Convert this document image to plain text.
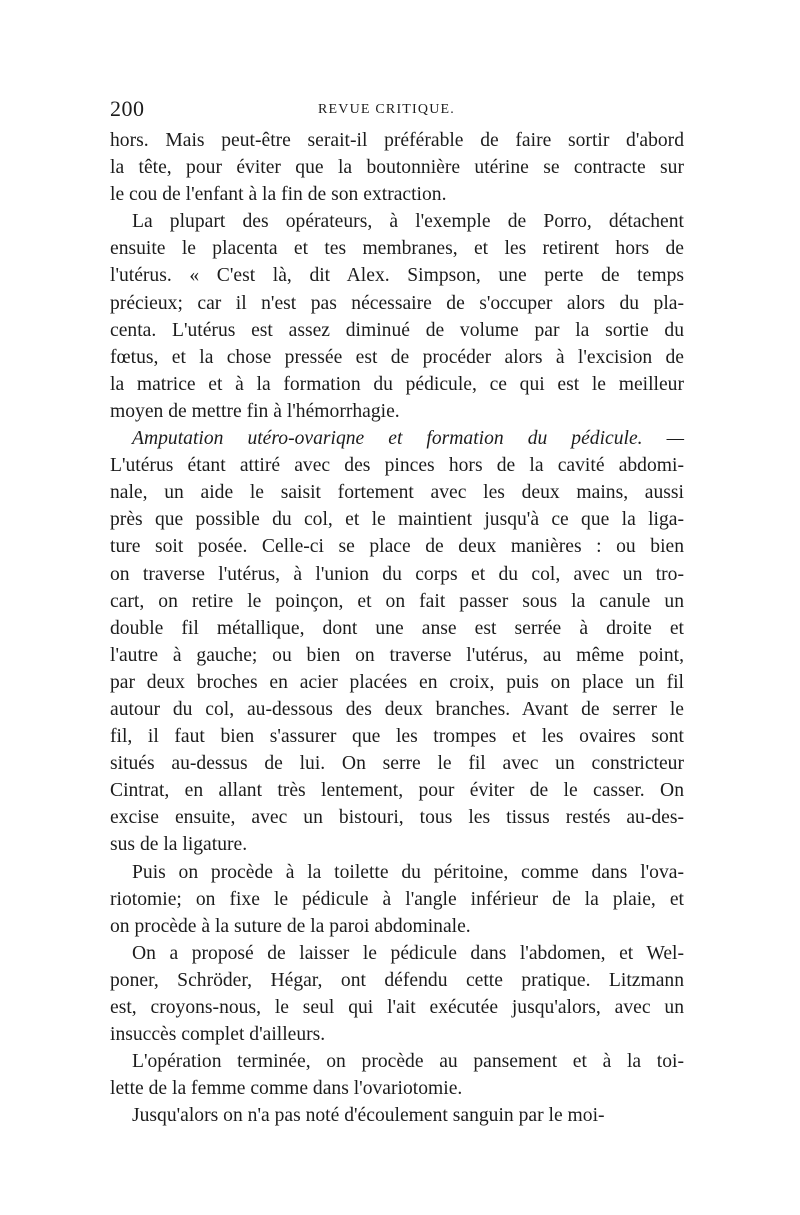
200	REVUE CRITIQUE.
hors. Mais peut-être serait-il préférable de faire sortir d'abord
la tête, pour éviter que la boutonnière utérine se contracte sur
le cou de l'enfant à la fin de son extraction.
La plupart des opérateurs, à l'exemple de Porro, détachent
ensuite le placenta et tes membranes, et les retirent hors de
l'utérus. « C'est là, dit Alex. Simpson, une perte de temps
précieux; car il n'est pas nécessaire de s'occuper alors du pla-
centa. L'utérus est assez diminué de volume par la sortie du
fœtus, et la chose pressée est de procéder alors à l'excision de
la matrice et à la formation du pédicule, ce qui est le meilleur
moyen de mettre fin à l'hémorrhagie.
Amputation utéro-ovariqne et formation du pédicule. —
L'utérus étant attiré avec des pinces hors de la cavité abdomi-
nale, un aide le saisit fortement avec les deux mains, aussi
près que possible du col, et le maintient jusqu'à ce que la liga-
ture soit posée. Celle-ci se place de deux manières : ou bien
on traverse l'utérus, à l'union du corps et du col, avec un tro-
cart, on retire le poinçon, et on fait passer sous la canule un
double fil métallique, dont une anse est serrée à droite et
l'autre à gauche; ou bien on traverse l'utérus, au même point,
par deux broches en acier placées en croix, puis on place un fil
autour du col, au-dessous des deux branches. Avant de serrer le
fil, il faut bien s'assurer que les trompes et les ovaires sont
situés au-dessus de lui. On serre le fil avec un constricteur
Cintrat, en allant très lentement, pour éviter de le casser. On
excise ensuite, avec un bistouri, tous les tissus restés au-des-
sus de la ligature.
Puis on procède à la toilette du péritoine, comme dans l'ova-
riotomie; on fixe le pédicule à l'angle inférieur de la plaie, et
on procède à la suture de la paroi abdominale.
On a proposé de laisser le pédicule dans l'abdomen, et Wel-
poner, Schröder, Hégar, ont défendu cette pratique. Litzmann
est, croyons-nous, le seul qui l'ait exécutée jusqu'alors, avec un
insuccès complet d'ailleurs.
L'opération terminée, on procède au pansement et à la toi-
lette de la femme comme dans l'ovariotomie.
Jusqu'alors on n'a pas noté d'écoulement sanguin par le moi-
